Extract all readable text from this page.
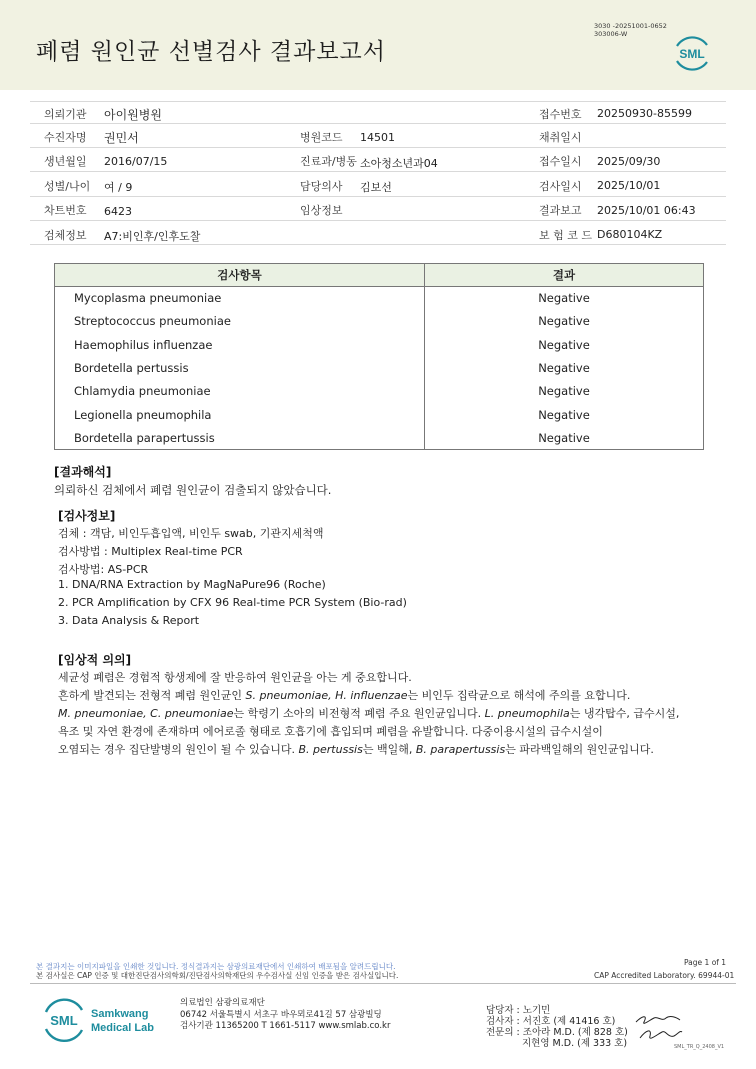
폐렴 원인균 선별검사 결과보고서
3030 -20251001-0652
303006-W
SML
의뢰기관 아이원병원	접수번호 20250930-85599
수진자명 권민서	병원코드 14501	채취일시
생년월일 2016/07/15	진료과/병동 소아청소년과04	접수일시 2025/09/30
성별/나이 여 / 9	담당의사 김보선	검사일시 2025/10/01
차트번호 6423	임상정보	결과보고 2025/10/01 06:43
검체정보 A7:비인후/인후도찰	보 험 코 드 D680104KZ
검사항목	결과
Mycoplasma pneumoniae	Negative
Streptococcus pneumoniae	Negative
Haemophilus influenzae	Negative
Bordetella pertussis	Negative
Chlamydia pneumoniae	Negative
Legionella pneumophila	Negative
Bordetella parapertussis	Negative
[결과해석]
의뢰하신 검체에서 폐렴 원인균이 검출되지 않았습니다.
[검사정보]
검체 : 객담, 비인두흡입액, 비인두 swab, 기관지세척액
검사방법 : Multiplex Real-time PCR
검사방법: AS-PCR
1. DNA/RNA Extraction by MagNaPure96 (Roche)
2. PCR Amplification by CFX 96 Real-time PCR System (Bio-rad)
3. Data Analysis & Report
[임상적 의의]
세균성 폐렴은 경험적 항생제에 잘 반응하여 원인균을 아는 게 중요합니다.
흔하게 발견되는 전형적 폐렴 원인균인 S. pneumoniae, H. influenzae는 비인두 집락균으로 해석에 주의를 요합니다.
M. pneumoniae, C. pneumoniae는 학령기 소아의 비전형적 폐렴 주요 원인균입니다. L. pneumophila는 냉각탑수, 급수시설,
욕조 및 자연 환경에 존재하며 에어로졸 형태로 호흡기에 흡입되며 폐렴을 유발합니다. 다중이용시설의 급수시설이
오염되는 경우 집단발병의 원인이 될 수 있습니다. B. pertussis는 백일해, B. parapertussis는 파라백일해의 원인균입니다.
본 결과지는 이미지파일을 인쇄한 것입니다. 정식결과지는 삼광의료재단에서 인쇄하여 배포됨을 알려드립니다.
본 검사실은 CAP 인증 및 대한진단검사의학회/진단검사의학재단의 우수검사실 신임 인증을 받은 검사실입니다.
Page 1 of 1
CAP Accredited Laboratory. 69944-01
SML Samkwang
Medical Lab
의료법인 삼광의료재단
06742 서울특별시 서초구 바우뫼로41길 57 삼광빌딩
검사기관 11365200 T 1661-5117 www.smlab.co.kr
담당자 : 노기민
검사자 : 서진호 (제 41416 호)
전문의 : 조아라 M.D. (제 828 호)
지현영 M.D. (제 333 호)	SML_TR_Q_2408_V1
